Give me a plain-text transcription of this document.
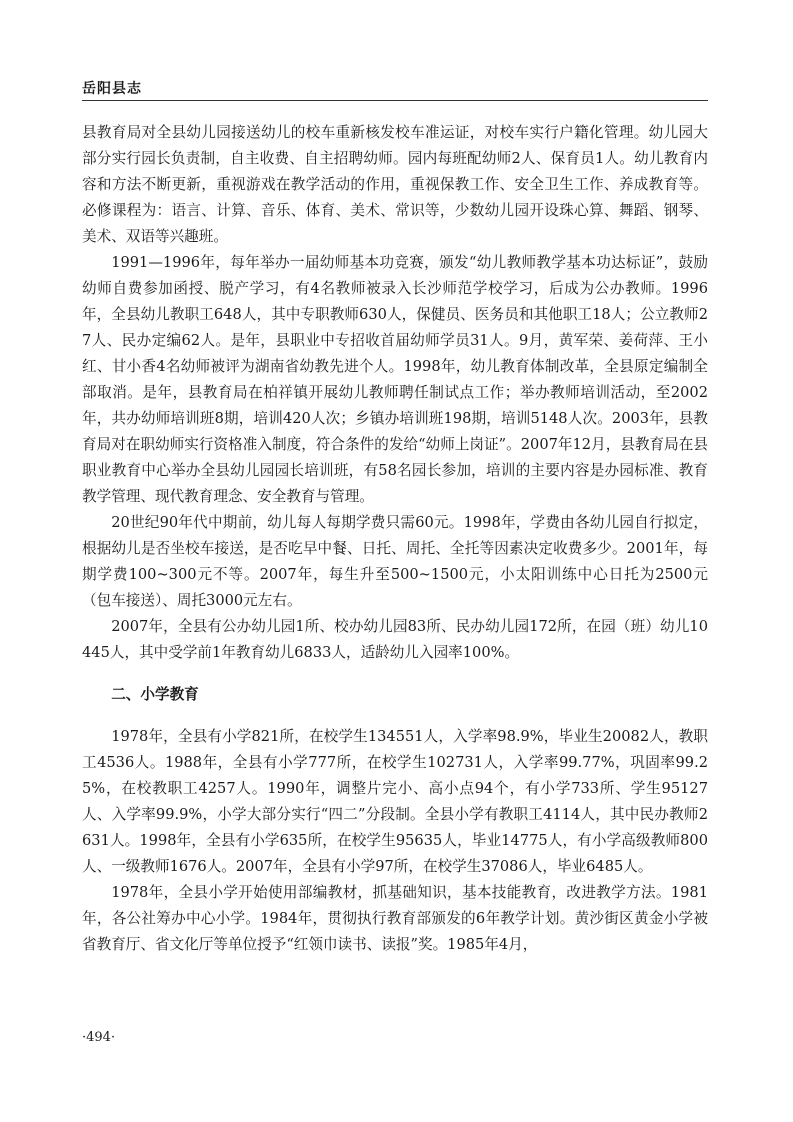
岳阳县志

县教育局对全县幼儿园接送幼儿的校车重新核发校车准运证，对校车实行户籍化管理。幼儿园大部分实行园长负责制，自主收费、自主招聘幼师。园内每班配幼师2人、保育员1人。幼儿教育内容和方法不断更新，重视游戏在教学活动的作用，重视保教工作、安全卫生工作、养成教育等。必修课程为：语言、计算、音乐、体育、美术、常识等，少数幼儿园开设珠心算、舞蹈、钢琴、美术、双语等兴趣班。

1991—1996年，每年举办一届幼师基本功竞赛，颁发“幼儿教师教学基本功达标证”，鼓励幼师自费参加函授、脱产学习，有4名教师被录入长沙师范学校学习，后成为公办教师。1996年，全县幼儿教职工648人，其中专职教师630人，保健员、医务员和其他职工18人；公立教师27人、民办定编62人。是年，县职业中专招收首届幼师学员31人。9月，黄军荣、姜荷萍、王小红、甘小香4名幼师被评为湖南省幼教先进个人。1998年，幼儿教育体制改革，全县原定编制全部取消。是年，县教育局在柏祥镇开展幼儿教师聘任制试点工作；举办教师培训活动，至2002年，共办幼师培训班8期，培训420人次；乡镇办培训班198期，培训5148人次。2003年，县教育局对在职幼师实行资格准入制度，符合条件的发给“幼师上岗证”。2007年12月，县教育局在县职业教育中心举办全县幼儿园园长培训班，有58名园长参加，培训的主要内容是办园标准、教育教学管理、现代教育理念、安全教育与管理。

20世纪90年代中期前，幼儿每人每期学费只需60元。1998年，学费由各幼儿园自行拟定，根据幼儿是否坐校车接送，是否吃早中餐、日托、周托、全托等因素决定收费多少。2001年，每期学费100~300元不等。2007年，每生升至500~1500元，小太阳训练中心日托为2500元（包车接送）、周托3000元左右。

2007年，全县有公办幼儿园1所、校办幼儿园83所、民办幼儿园172所，在园（班）幼儿10445人，其中受学前1年教育幼儿6833人，适龄幼儿入园率100%。

二、小学教育

1978年，全县有小学821所，在校学生134551人，入学率98.9%，毕业生20082人，教职工4536人。1988年，全县有小学777所，在校学生102731人，入学率99.77%，巩固率99.25%，在校教职工4257人。1990年，调整片完小、高小点94个，有小学733所、学生95127人、入学率99.9%，小学大部分实行“四二”分段制。全县小学有教职工4114人，其中民办教师2631人。1998年，全县有小学635所，在校学生95635人，毕业14775人，有小学高级教师800人、一级教师1676人。2007年，全县有小学97所，在校学生37086人，毕业6485人。

1978年，全县小学开始使用部编教材，抓基础知识，基本技能教育，改进教学方法。1981年，各公社筹办中心小学。1984年，贯彻执行教育部颁发的6年教学计划。黄沙街区黄金小学被省教育厅、省文化厅等单位授予“红领巾读书、读报”奖。1985年4月，

·494·
